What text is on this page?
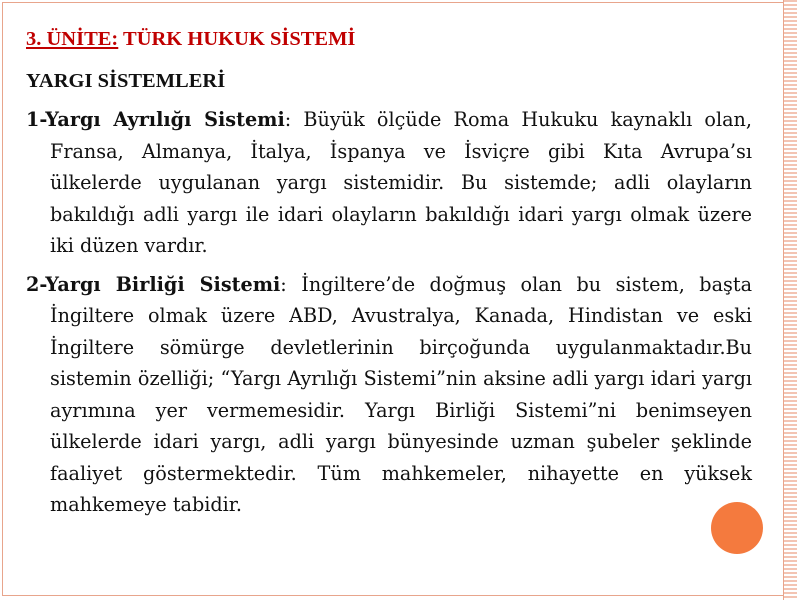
3. ÜNİTE: TÜRK HUKUK SİSTEMİ
YARGI SİSTEMLERİ

1-Yargı Ayrılığı Sistemi: Büyük ölçüde Roma Hukuku kaynaklı olan, Fransa, Almanya, İtalya, İspanya ve İsviçre gibi Kıta Avrupa’sı ülkelerde uygulanan yargı sistemidir. Bu sistemde; adli olayların bakıldığı adli yargı ile idari olayların bakıldığı idari yargı olmak üzere iki düzen vardır.

2-Yargı Birliği Sistemi: İngiltere’de doğmuş olan bu sistem, başta İngiltere olmak üzere ABD, Avustralya, Kanada, Hindistan ve eski İngiltere sömürge devletlerinin birçoğunda uygulanmaktadır.Bu sistemin özelliği; “Yargı Ayrılığı Sistemi”nin aksine adli yargı idari yargı ayrımına yer vermemesidir. Yargı Birliği Sistemi”ni benimseyen ülkelerde idari yargı, adli yargı bünyesinde uzman şubeler şeklinde faaliyet göstermektedir. Tüm mahkemeler, nihayette en yüksek mahkemeye tabidir.
